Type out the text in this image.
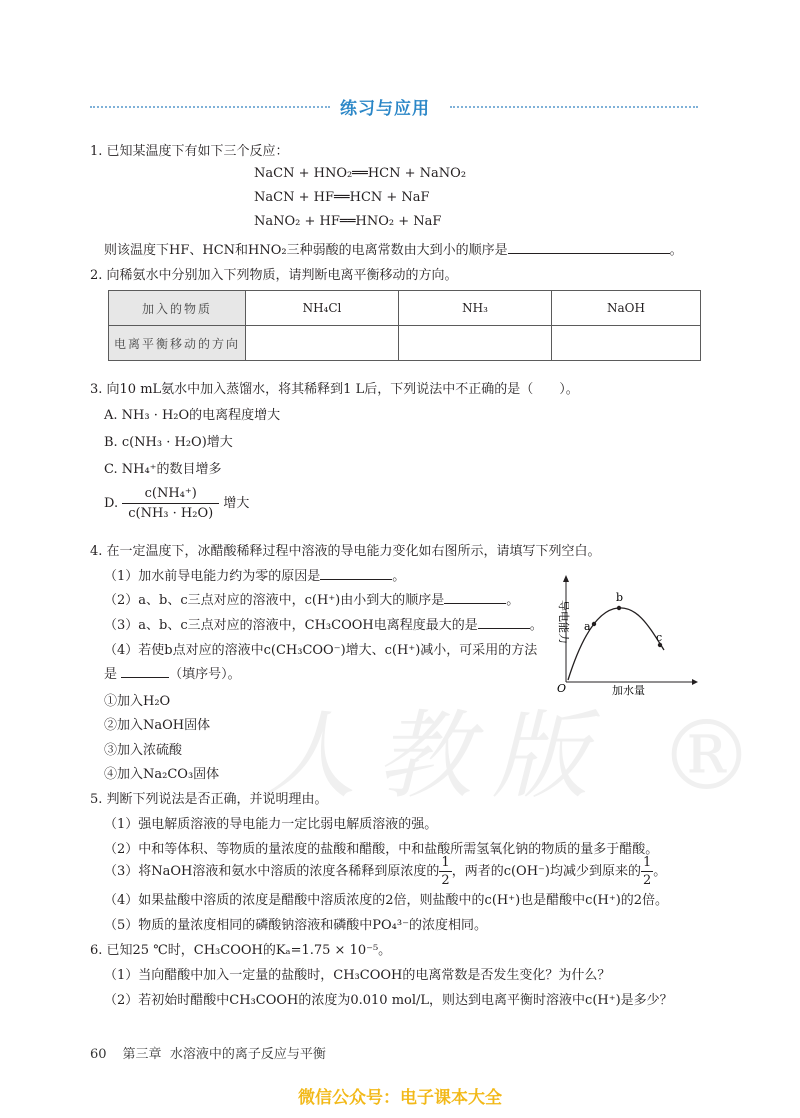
人教版 ®
练习与应用
1. 已知某温度下有如下三个反应：
NaCN + HNO₂══HCN + NaNO₂
NaCN + HF══HCN + NaF
NaNO₂ + HF══HNO₂ + NaF
则该温度下HF、HCN和HNO₂三种弱酸的电离常数由大到小的顺序是	。
2. 向稀氨水中分别加入下列物质，请判断电离平衡移动的方向。
加入的物质	NH₄Cl	NH₃	NaOH
电离平衡移动的方向			
3. 向10 mL氨水中加入蒸馏水，将其稀释到1 L后，下列说法中不正确的是（　　）。
A. NH₃ · H₂O的电离程度增大
B. c(NH₃ · H₂O)增大
C. NH₄⁺的数目增多
D. $\frac{\text{c(NH₄⁺)}}{\text{c(NH₃ · H₂O)}}$ 增大
4. 在一定温度下，冰醋酸稀释过程中溶液的导电能力变化如右图所示，请填写下列空白。
（1）加水前导电能力约为零的原因是	。
（2）a、b、c三点对应的溶液中，c(H⁺)由小到大的顺序是	。
（3）a、b、c三点对应的溶液中，CH₃COOH电离程度最大的是	。
（4）若使b点对应的溶液中c(CH₃COO⁻)增大、c(H⁺)减小，可采用的方法
是	（填序号）。
①加入H₂O
②加入NaOH固体
③加入浓硫酸
④加入Na₂CO₃固体
a
b
c
O	加水量
导电能力
5. 判断下列说法是否正确，并说明理由。
（1）强电解质溶液的导电能力一定比弱电解质溶液的强。
（2）中和等体积、等物质的量浓度的盐酸和醋酸，中和盐酸所需氢氧化钠的物质的量多于醋酸。
（3）将NaOH溶液和氨水中溶质的浓度各稀释到原浓度的 $\frac{1}{2}$ ，两者的c(OH⁻)均减少到原来的 $\frac{1}{2}$ 。
（4）如果盐酸中溶质的浓度是醋酸中溶质浓度的2倍，则盐酸中的c(H⁺)也是醋酸中c(H⁺)的2倍。
（5）物质的量浓度相同的磷酸钠溶液和磷酸中PO₄³⁻的浓度相同。
6. 已知25 ℃时，CH₃COOH的Kₐ=1.75 × 10⁻⁵。
（1）当向醋酸中加入一定量的盐酸时，CH₃COOH的电离常数是否发生变化？为什么？
（2）若初始时醋酸中CH₃COOH的浓度为0.010 mol/L，则达到电离平衡时溶液中c(H⁺)是多少？
60 第三章 水溶液中的离子反应与平衡
微信公众号：电子课本大全
